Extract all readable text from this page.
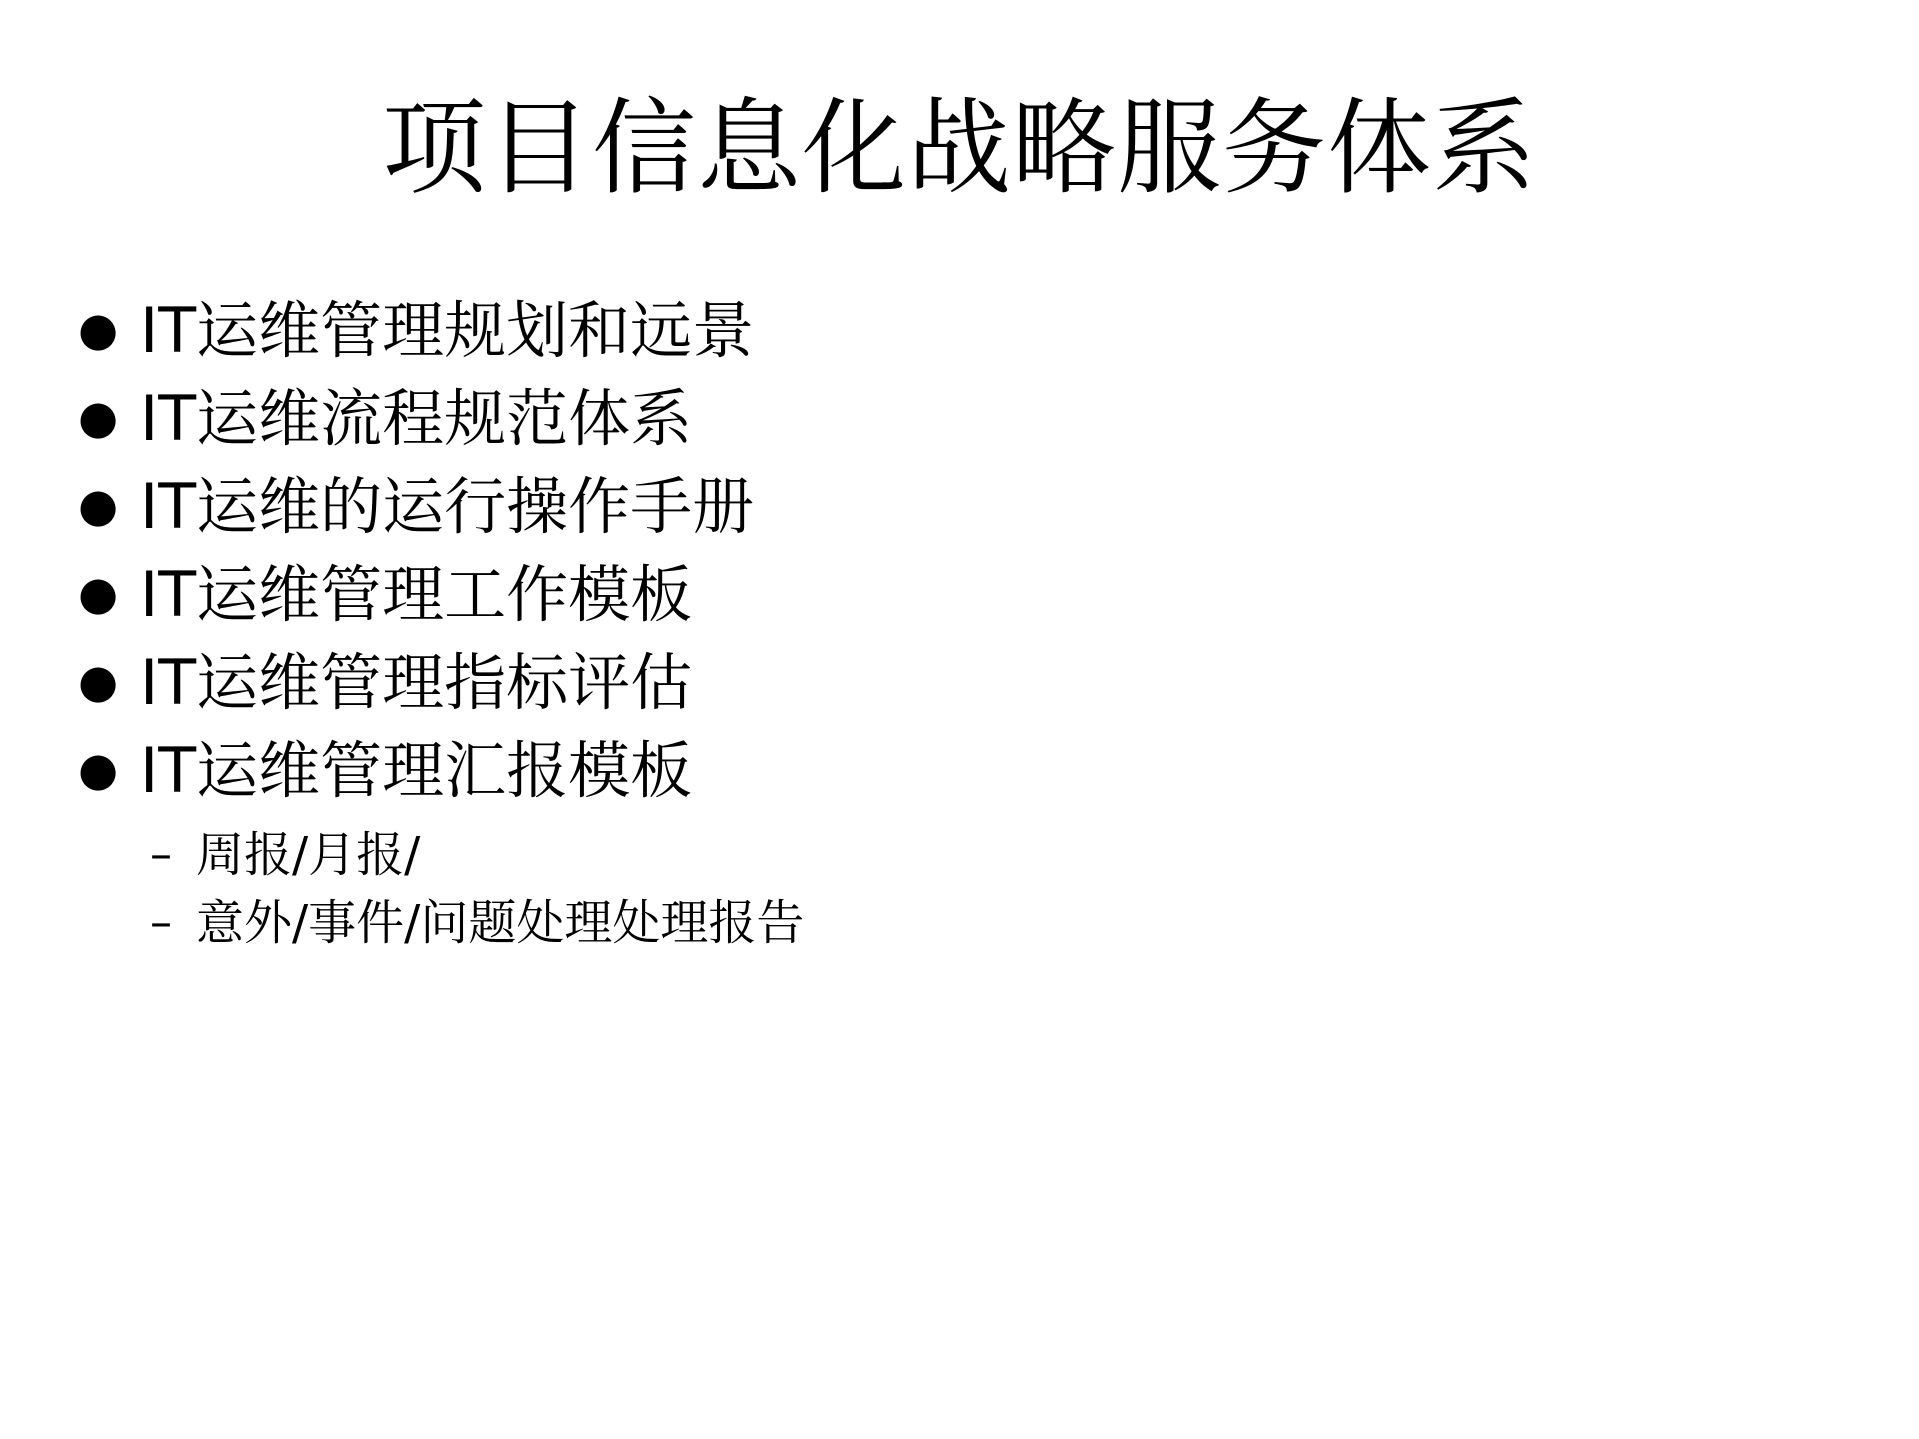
项目信息化战略服务体系
● IT运维管理规划和远景
● IT运维流程规范体系
● IT运维的运行操作手册
● IT运维管理工作模板
● IT运维管理指标评估
● IT运维管理汇报模板
– 周报/月报/
– 意外/事件/问题处理处理报告
